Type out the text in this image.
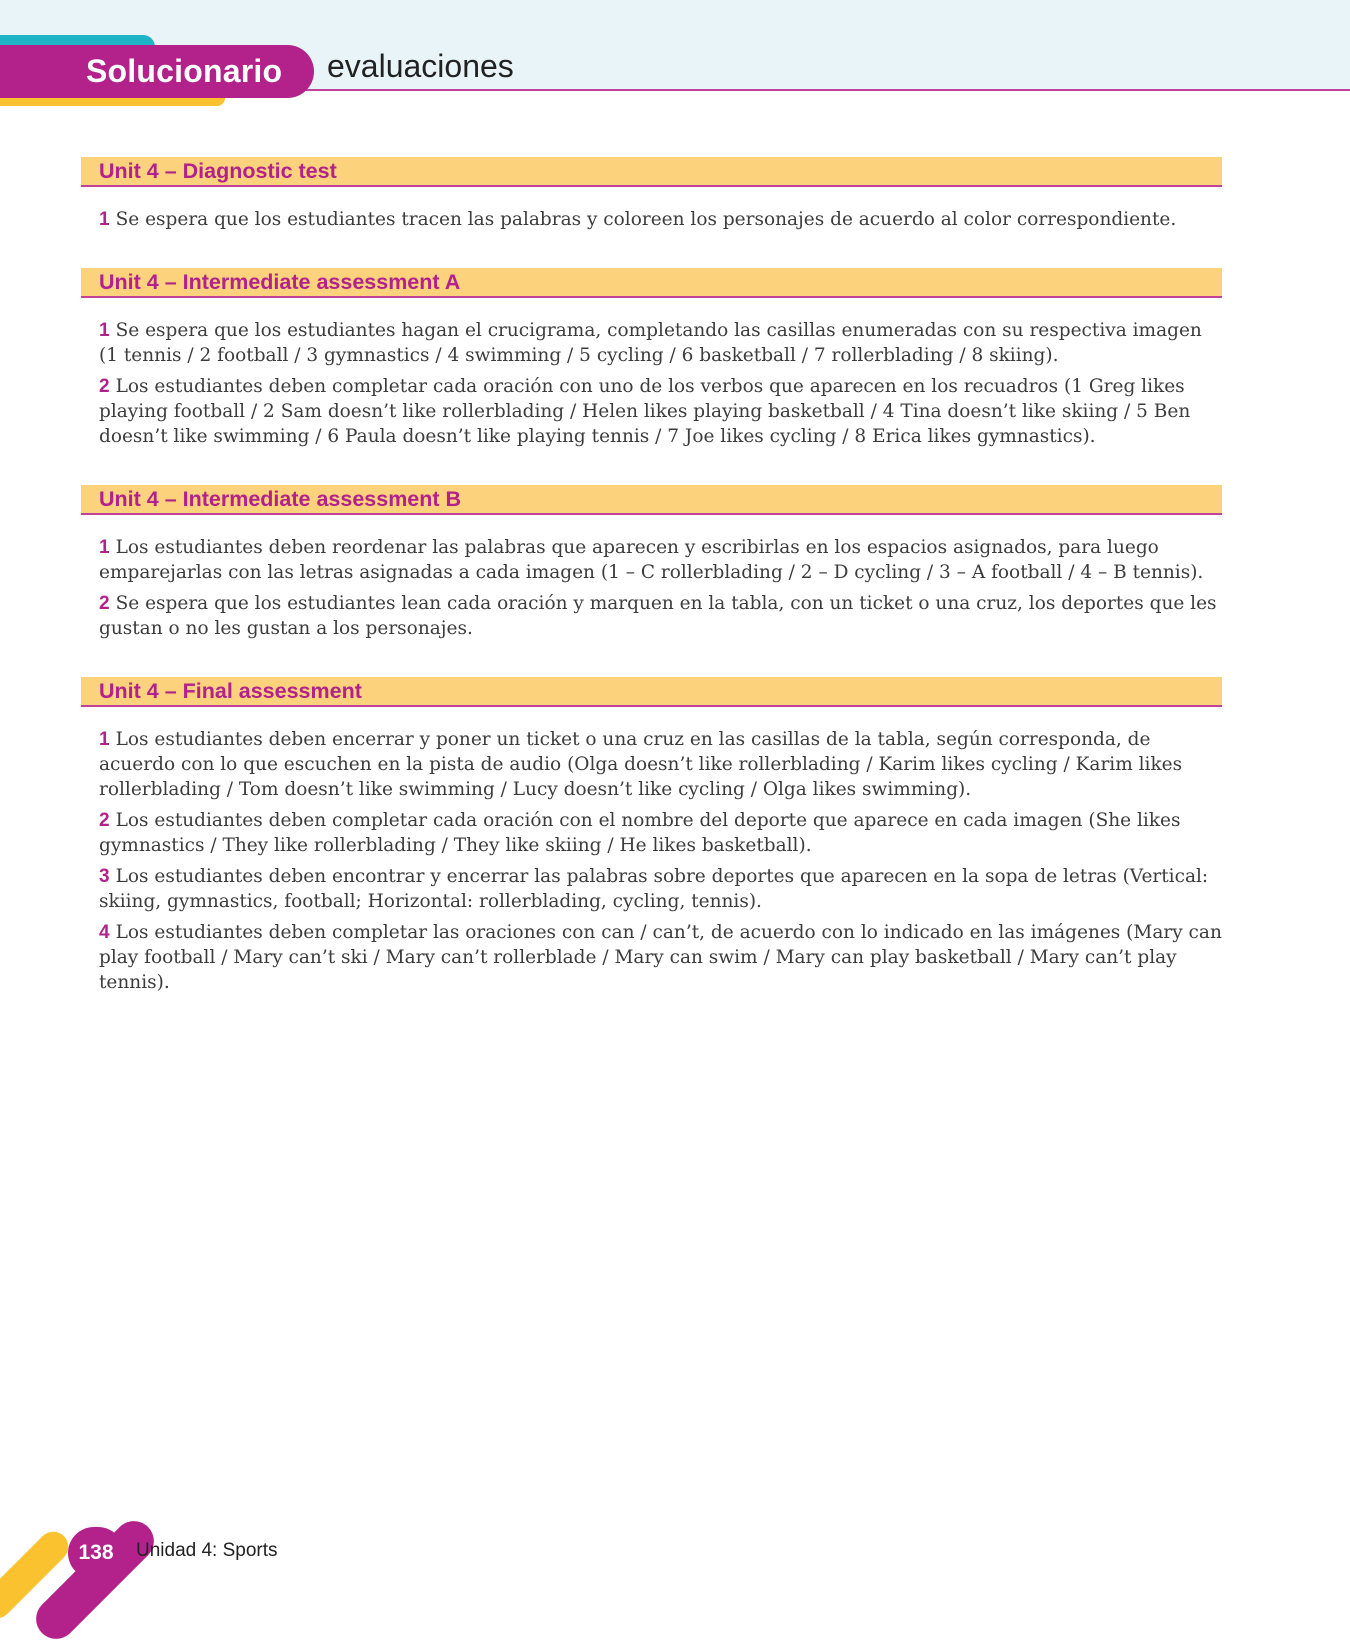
Solucionario evaluaciones
Unit 4 – Diagnostic test
1 Se espera que los estudiantes tracen las palabras y coloreen los personajes de acuerdo al color correspondiente.
Unit 4 – Intermediate assessment A
1 Se espera que los estudiantes hagan el crucigrama, completando las casillas enumeradas con su respectiva imagen (1 tennis / 2 football / 3 gymnastics / 4 swimming / 5 cycling / 6 basketball / 7 rollerblading / 8 skiing).
2 Los estudiantes deben completar cada oración con uno de los verbos que aparecen en los recuadros (1 Greg likes playing football / 2 Sam doesn’t like rollerblading / Helen likes playing basketball / 4 Tina doesn’t like skiing / 5 Ben doesn’t like swimming / 6 Paula doesn’t like playing tennis / 7 Joe likes cycling / 8 Erica likes gymnastics).
Unit 4 – Intermediate assessment B
1 Los estudiantes deben reordenar las palabras que aparecen y escribirlas en los espacios asignados, para luego emparejarlas con las letras asignadas a cada imagen (1 – C rollerblading / 2 – D cycling / 3 – A football / 4 – B tennis).
2 Se espera que los estudiantes lean cada oración y marquen en la tabla, con un ticket o una cruz, los deportes que les gustan o no les gustan a los personajes.
Unit 4 – Final assessment
1 Los estudiantes deben encerrar y poner un ticket o una cruz en las casillas de la tabla, según corresponda, de acuerdo con lo que escuchen en la pista de audio (Olga doesn’t like rollerblading / Karim likes cycling / Karim likes rollerblading / Tom doesn’t like swimming / Lucy doesn’t like cycling / Olga likes swimming).
2 Los estudiantes deben completar cada oración con el nombre del deporte que aparece en cada imagen (She likes gymnastics / They like rollerblading / They like skiing / He likes basketball).
3 Los estudiantes deben encontrar y encerrar las palabras sobre deportes que aparecen en la sopa de letras (Vertical: skiing, gymnastics, football; Horizontal: rollerblading, cycling, tennis).
4 Los estudiantes deben completar las oraciones con can / can’t, de acuerdo con lo indicado en las imágenes (Mary can play football / Mary can’t ski / Mary can’t rollerblade / Mary can swim / Mary can play basketball / Mary can’t play tennis).
138	Unidad 4: Sports
